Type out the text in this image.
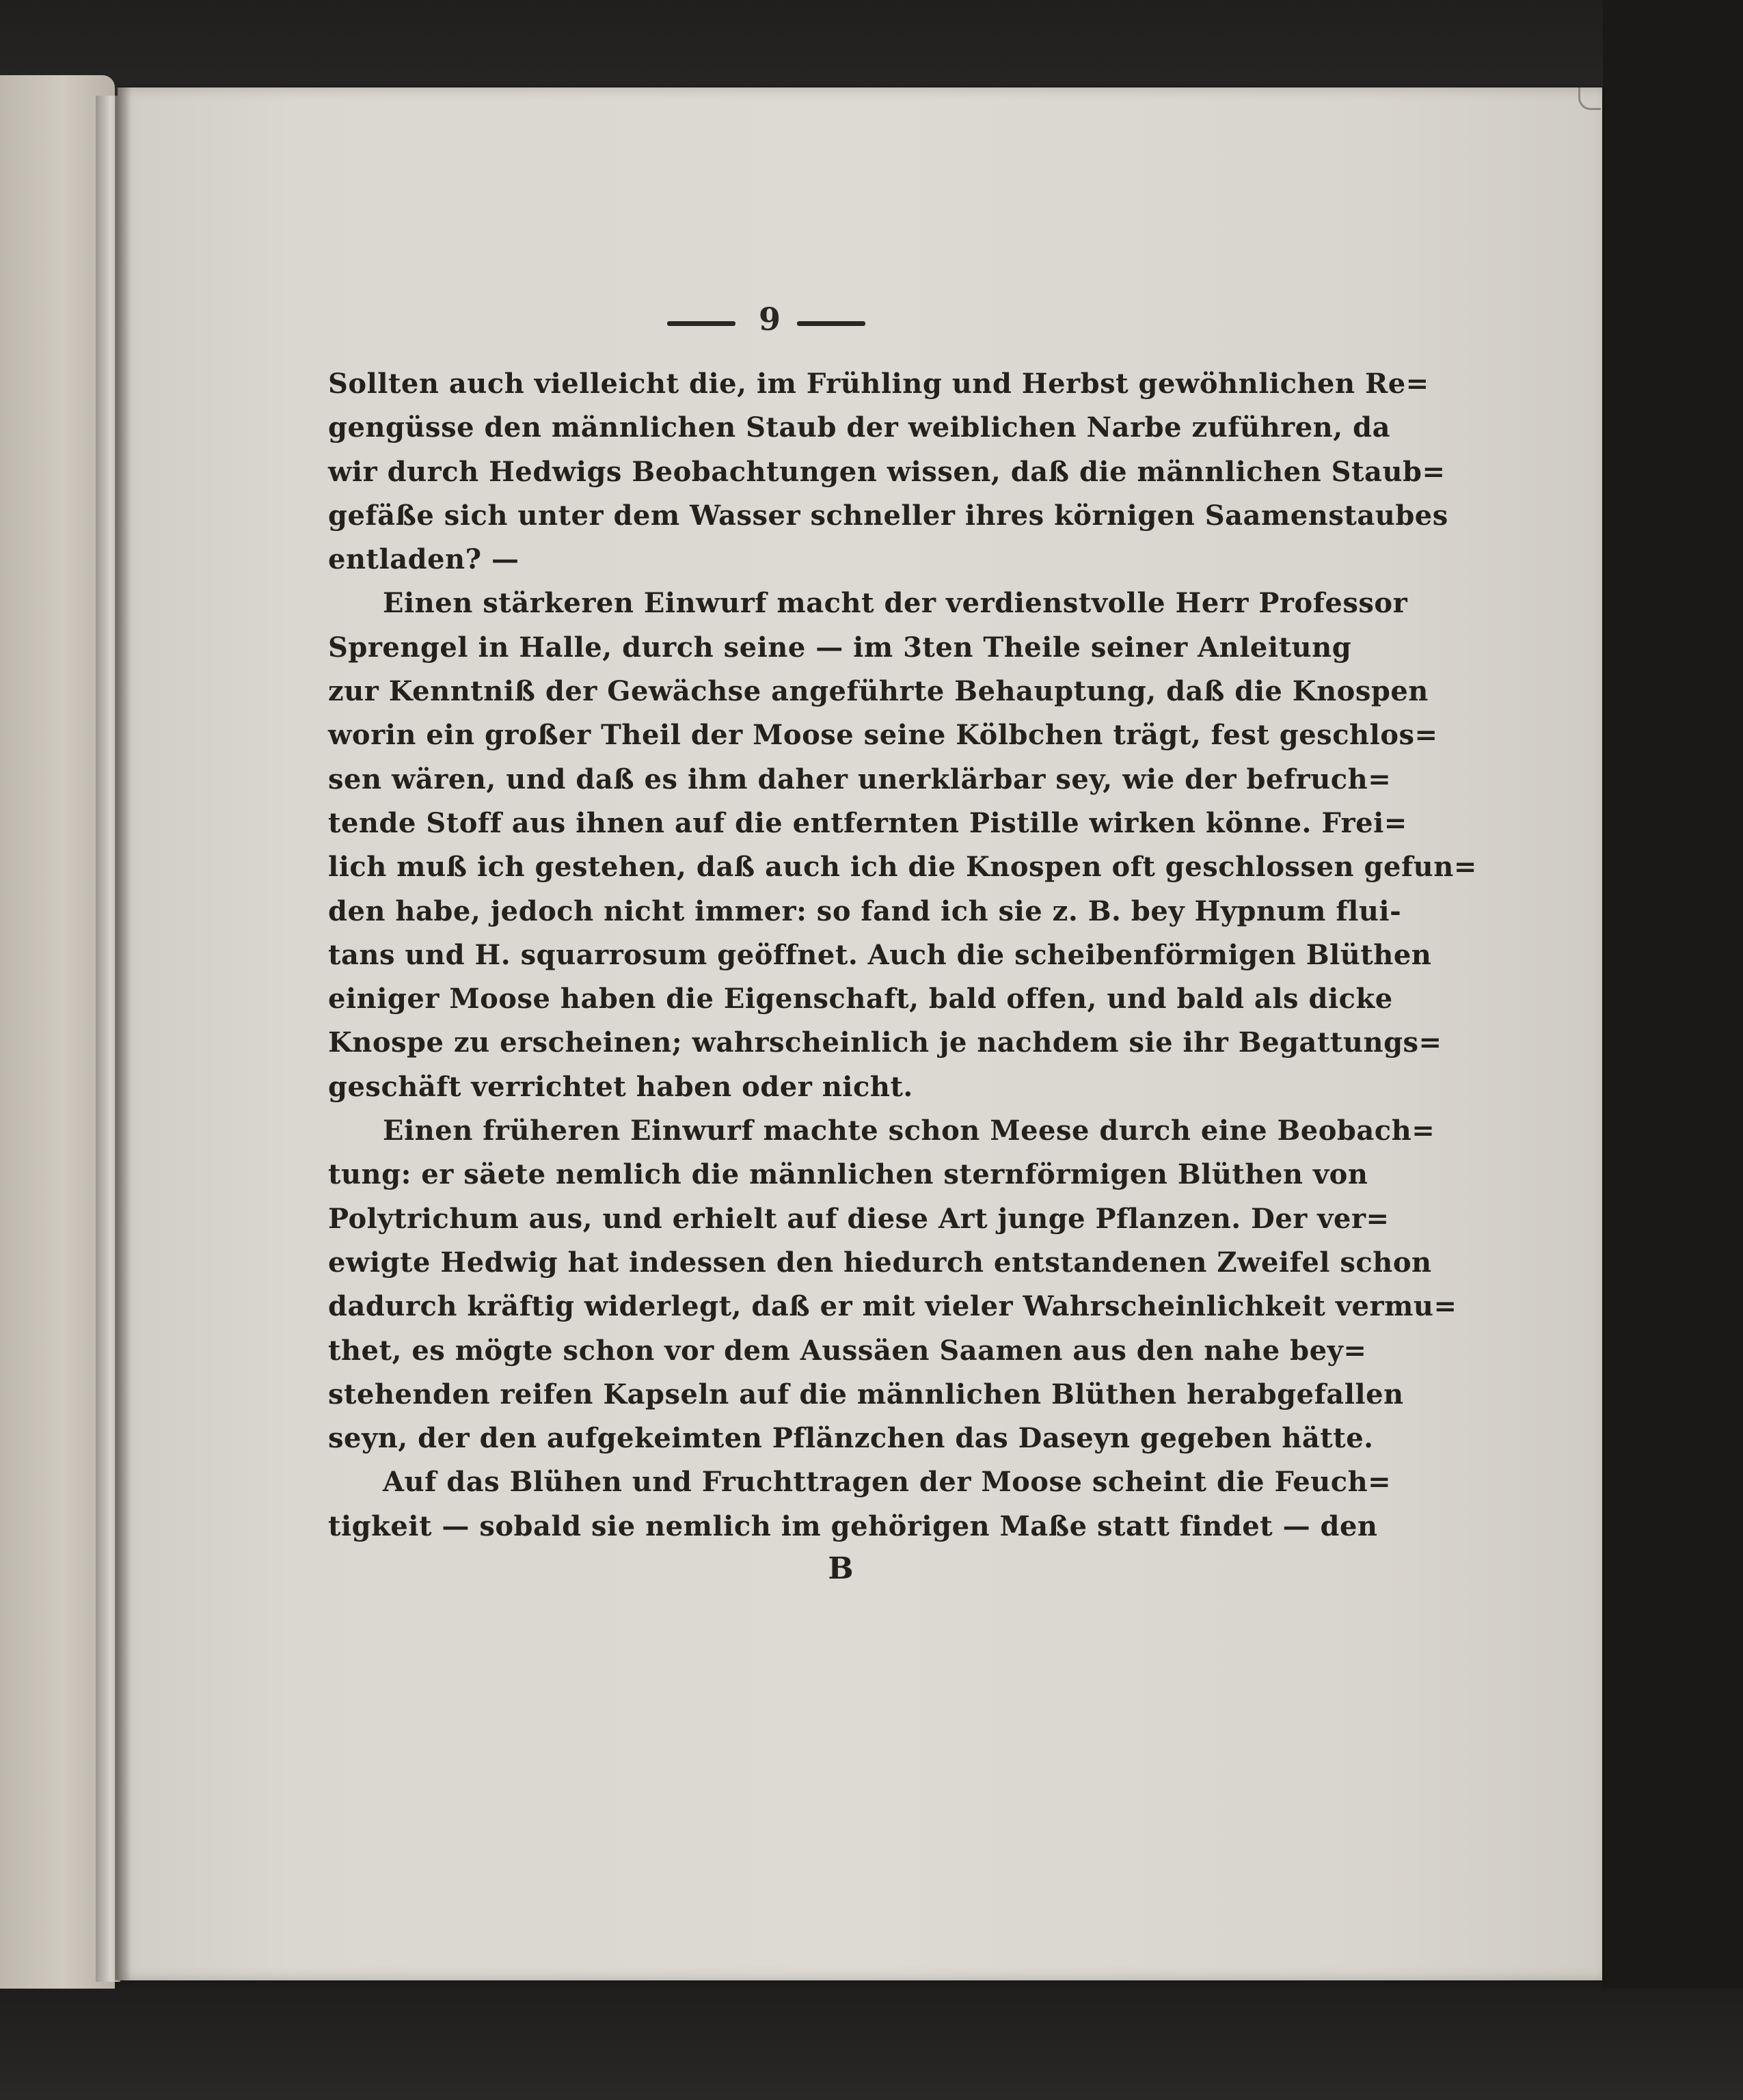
9
Sollten auch vielleicht die, im Frühling und Herbst gewöhnlichen Re=
gengüsse den männlichen Staub der weiblichen Narbe zuführen, da
wir durch Hedwigs Beobachtungen wissen, daß die männlichen Staub=
gefäße sich unter dem Wasser schneller ihres körnigen Saamenstaubes
entladen? —
Einen stärkeren Einwurf macht der verdienstvolle Herr Professor
Sprengel in Halle, durch seine — im 3ten Theile seiner Anleitung
zur Kenntniß der Gewächse angeführte Behauptung, daß die Knospen
worin ein großer Theil der Moose seine Kölbchen trägt, fest geschlos=
sen wären, und daß es ihm daher unerklärbar sey, wie der befruch=
tende Stoff aus ihnen auf die entfernten Pistille wirken könne. Frei=
lich muß ich gestehen, daß auch ich die Knospen oft geschlossen gefun=
den habe, jedoch nicht immer: so fand ich sie z. B. bey Hypnum flui-
tans und H. squarrosum geöffnet. Auch die scheibenförmigen Blüthen
einiger Moose haben die Eigenschaft, bald offen, und bald als dicke
Knospe zu erscheinen; wahrscheinlich je nachdem sie ihr Begattungs=
geschäft verrichtet haben oder nicht.
Einen früheren Einwurf machte schon Meese durch eine Beobach=
tung: er säete nemlich die männlichen sternförmigen Blüthen von
Polytrichum aus, und erhielt auf diese Art junge Pflanzen. Der ver=
ewigte Hedwig hat indessen den hiedurch entstandenen Zweifel schon
dadurch kräftig widerlegt, daß er mit vieler Wahrscheinlichkeit vermu=
thet, es mögte schon vor dem Aussäen Saamen aus den nahe bey=
stehenden reifen Kapseln auf die männlichen Blüthen herabgefallen
seyn, der den aufgekeimten Pflänzchen das Daseyn gegeben hätte.
Auf das Blühen und Fruchttragen der Moose scheint die Feuch=
tigkeit — sobald sie nemlich im gehörigen Maße statt findet — den
B
